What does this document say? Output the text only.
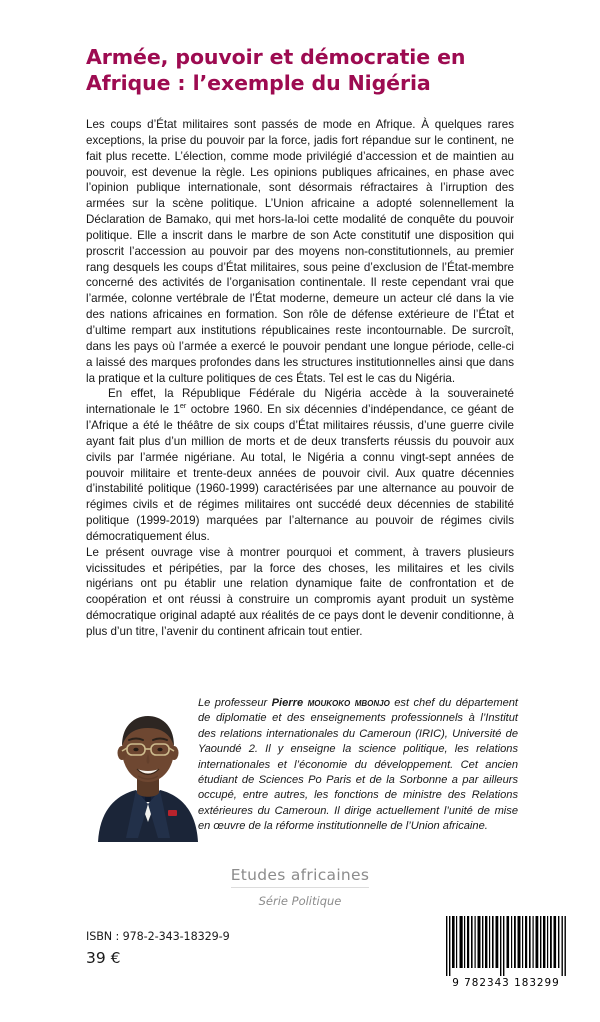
Armée, pouvoir et démocratie en Afrique : l’exemple du Nigéria

Les coups d’État militaires sont passés de mode en Afrique. À quelques rares exceptions, la prise du pouvoir par la force, jadis fort répandue sur le continent, ne fait plus recette. L’élection, comme mode privilégié d’accession et de maintien au pouvoir, est devenue la règle. Les opinions publiques africaines, en phase avec l’opinion publique internationale, sont désormais réfractaires à l’irruption des armées sur la scène politique. L’Union africaine a adopté solennellement la Déclaration de Bamako, qui met hors-la-loi cette modalité de conquête du pouvoir politique. Elle a inscrit dans le marbre de son Acte constitutif une disposition qui proscrit l’accession au pouvoir par des moyens non-constitutionnels, au premier rang desquels les coups d’État militaires, sous peine d’exclusion de l’État-membre concerné des activités de l’organisation continentale. Il reste cependant vrai que l’armée, colonne vertébrale de l’État moderne, demeure un acteur clé dans la vie des nations africaines en formation. Son rôle de défense extérieure de l’État et d’ultime rempart aux institutions républicaines reste incontournable. De surcroît, dans les pays où l’armée a exercé le pouvoir pendant une longue période, celle-ci a laissé des marques profondes dans les structures institutionnelles ainsi que dans la pratique et la culture politiques de ces États. Tel est le cas du Nigéria.

En effet, la République Fédérale du Nigéria accède à la souveraineté internationale le 1er octobre 1960. En six décennies d’indépendance, ce géant de l’Afrique a été le théâtre de six coups d’État militaires réussis, d’une guerre civile ayant fait plus d’un million de morts et de deux transferts réussis du pouvoir aux civils par l’armée nigériane. Au total, le Nigéria a connu vingt-sept années de pouvoir militaire et trente-deux années de pouvoir civil. Aux quatre décennies d’instabilité politique (1960-1999) caractérisées par une alternance au pouvoir de régimes civils et de régimes militaires ont succédé deux décennies de stabilité politique (1999-2019) marquées par l’alternance au pouvoir de régimes civils démocratiquement élus.

Le présent ouvrage vise à montrer pourquoi et comment, à travers plusieurs vicissitudes et péripéties, par la force des choses, les militaires et les civils nigérians ont pu établir une relation dynamique faite de confrontation et de coopération et ont réussi à construire un compromis ayant produit un système démocratique original adapté aux réalités de ce pays dont le devenir conditionne, à plus d’un titre, l’avenir du continent africain tout entier.

Le professeur Pierre moukoko mbonjo est chef du département de diplomatie et des enseignements professionnels à l’Institut des relations internationales du Cameroun (IRIC), Université de Yaoundé 2. Il y enseigne la science politique, les relations internationales et l’économie du développement. Cet ancien étudiant de Sciences Po Paris et de la Sorbonne a par ailleurs occupé, entre autres, les fonctions de ministre des Relations extérieures du Cameroun. Il dirige actuellement l’unité de mise en œuvre de la réforme institutionnelle de l’Union africaine.
Etudes africaines
Série Politique
ISBN : 978-2-343-18329-9
39 €
9 782343 183299
